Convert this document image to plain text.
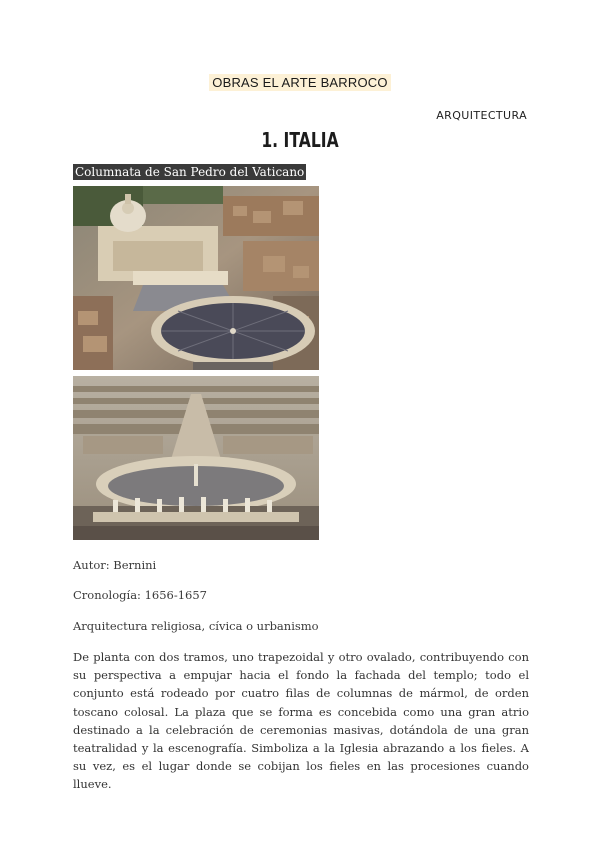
OBRAS EL ARTE BARROCO
ARQUITECTURA
1. ITALIA
Columnata de San Pedro del Vaticano
Autor: Bernini
Cronología: 1656-1657
Arquitectura religiosa, cívica o urbanismo

De planta con dos tramos, uno trapezoidal y otro ovalado, contribuyendo con su perspectiva a empujar hacia el fondo la fachada del templo; todo el conjunto está rodeado por cuatro filas de columnas de mármol, de orden toscano colosal. La plaza que se forma es concebida como una gran atrio destinado a la celebración de ceremonias masivas, dotándola de una gran teatralidad y la escenografía. Simboliza a la Iglesia abrazando a los fieles. A su vez, es el lugar donde se cobijan los fieles en las procesiones cuando llueve.
